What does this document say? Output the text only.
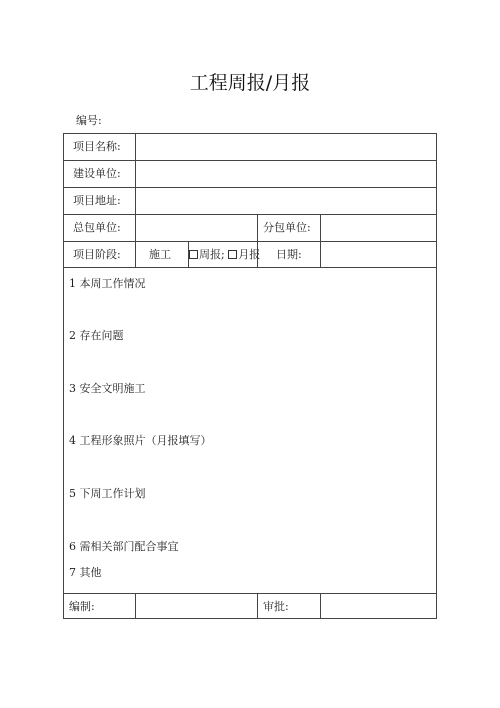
工程周报/月报
编号:
项目名称:
建设单位:
项目地址:
总包单位:	分包单位:
项目阶段:	施工	周报; 月报 日期:
1 本周工作情况
2 存在问题
3 安全文明施工
4 工程形象照片（月报填写）
5 下周工作计划
6 需相关部门配合事宜
7 其他
编制:	审批:
